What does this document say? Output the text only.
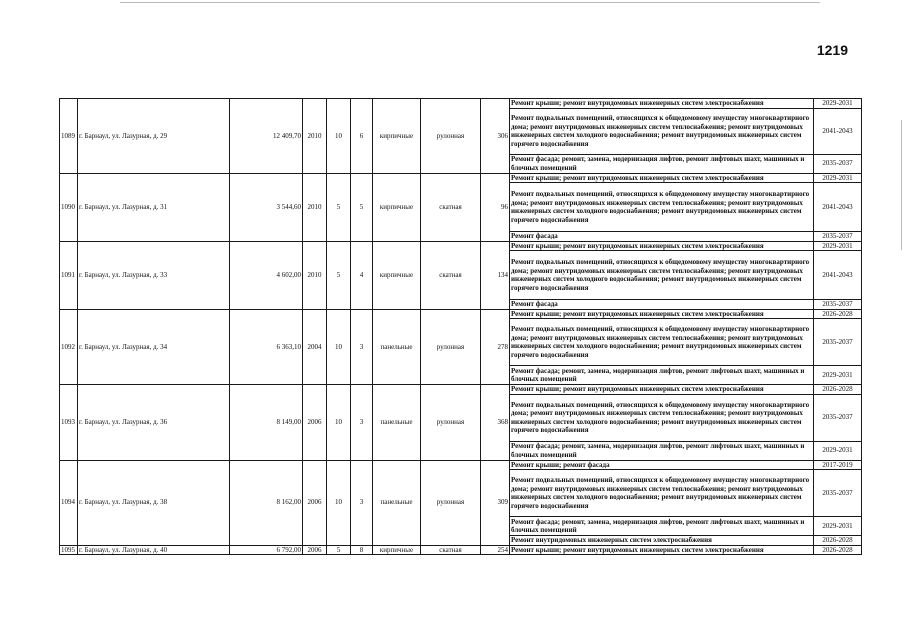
1219
1089	г. Барнаул, ул. Лазурная, д. 29	12 409,70	2010	10	6	кирпичные	рулонная	306	Ремонт крыши; ремонт внутридомовых инженерных систем электроснабжения	2029-2031
									Ремонт подвальных помещений, относящихся к общедомовому имуществу многоквартирного дома; ремонт внутридомовых инженерных систем теплоснабжения; ремонт внутридомовых инженерных систем холодного водоснабжения; ремонт внутридомовых инженерных систем горячего водоснабжения	2041-2043
									Ремонт фасада; ремонт, замена, модернизация лифтов, ремонт лифтовых шахт, машинных и блочных помещений	2035-2037
1090	г. Барнаул, ул. Лазурная, д. 31	3 544,60	2010	5	5	кирпичные	скатная	96	Ремонт крыши; ремонт внутридомовых инженерных систем электроснабжения	2029-2031
									Ремонт подвальных помещений, относящихся к общедомовому имуществу многоквартирного дома; ремонт внутридомовых инженерных систем теплоснабжения; ремонт внутридомовых инженерных систем холодного водоснабжения; ремонт внутридомовых инженерных систем горячего водоснабжения	2041-2043
									Ремонт фасада	2035-2037
1091	г. Барнаул, ул. Лазурная, д. 33	4 602,00	2010	5	4	кирпичные	скатная	134	Ремонт крыши; ремонт внутридомовых инженерных систем электроснабжения	2029-2031
									Ремонт подвальных помещений, относящихся к общедомовому имуществу многоквартирного дома; ремонт внутридомовых инженерных систем теплоснабжения; ремонт внутридомовых инженерных систем холодного водоснабжения; ремонт внутридомовых инженерных систем горячего водоснабжения	2041-2043
									Ремонт фасада	2035-2037
1092	г. Барнаул, ул. Лазурная, д. 34	6 363,10	2004	10	3	панельные	рулонная	278	Ремонт крыши; ремонт внутридомовых инженерных систем электроснабжения	2026-2028
									Ремонт подвальных помещений, относящихся к общедомовому имуществу многоквартирного дома; ремонт внутридомовых инженерных систем теплоснабжения; ремонт внутридомовых инженерных систем холодного водоснабжения; ремонт внутридомовых инженерных систем горячего водоснабжения	2035-2037
									Ремонт фасада; ремонт, замена, модернизация лифтов, ремонт лифтовых шахт, машинных и блочных помещений	2029-2031
1093	г. Барнаул, ул. Лазурная, д. 36	8 149,00	2006	10	3	панельные	рулонная	368	Ремонт крыши; ремонт внутридомовых инженерных систем электроснабжения	2026-2028
									Ремонт подвальных помещений, относящихся к общедомовому имуществу многоквартирного дома; ремонт внутридомовых инженерных систем теплоснабжения; ремонт внутридомовых инженерных систем холодного водоснабжения; ремонт внутридомовых инженерных систем горячего водоснабжения	2035-2037
									Ремонт фасада; ремонт, замена, модернизация лифтов, ремонт лифтовых шахт, машинных и блочных помещений	2029-2031
1094	г. Барнаул, ул. Лазурная, д. 38	8 162,00	2006	10	3	панельные	рулонная	309	Ремонт крыши; ремонт фасада	2017-2019
									Ремонт подвальных помещений, относящихся к общедомовому имуществу многоквартирного дома; ремонт внутридомовых инженерных систем теплоснабжения; ремонт внутридомовых инженерных систем холодного водоснабжения; ремонт внутридомовых инженерных систем горячего водоснабжения	2035-2037
									Ремонт фасада; ремонт, замена, модернизация лифтов, ремонт лифтовых шахт, машинных и блочных помещений	2029-2031
									Ремонт внутридомовых инженерных систем электроснабжения	2026-2028
1095	г. Барнаул, ул. Лазурная, д. 40	6 792,00	2006	5	8	кирпичные	скатная	254	Ремонт крыши; ремонт внутридомовых инженерных систем электроснабжения	2026-2028
